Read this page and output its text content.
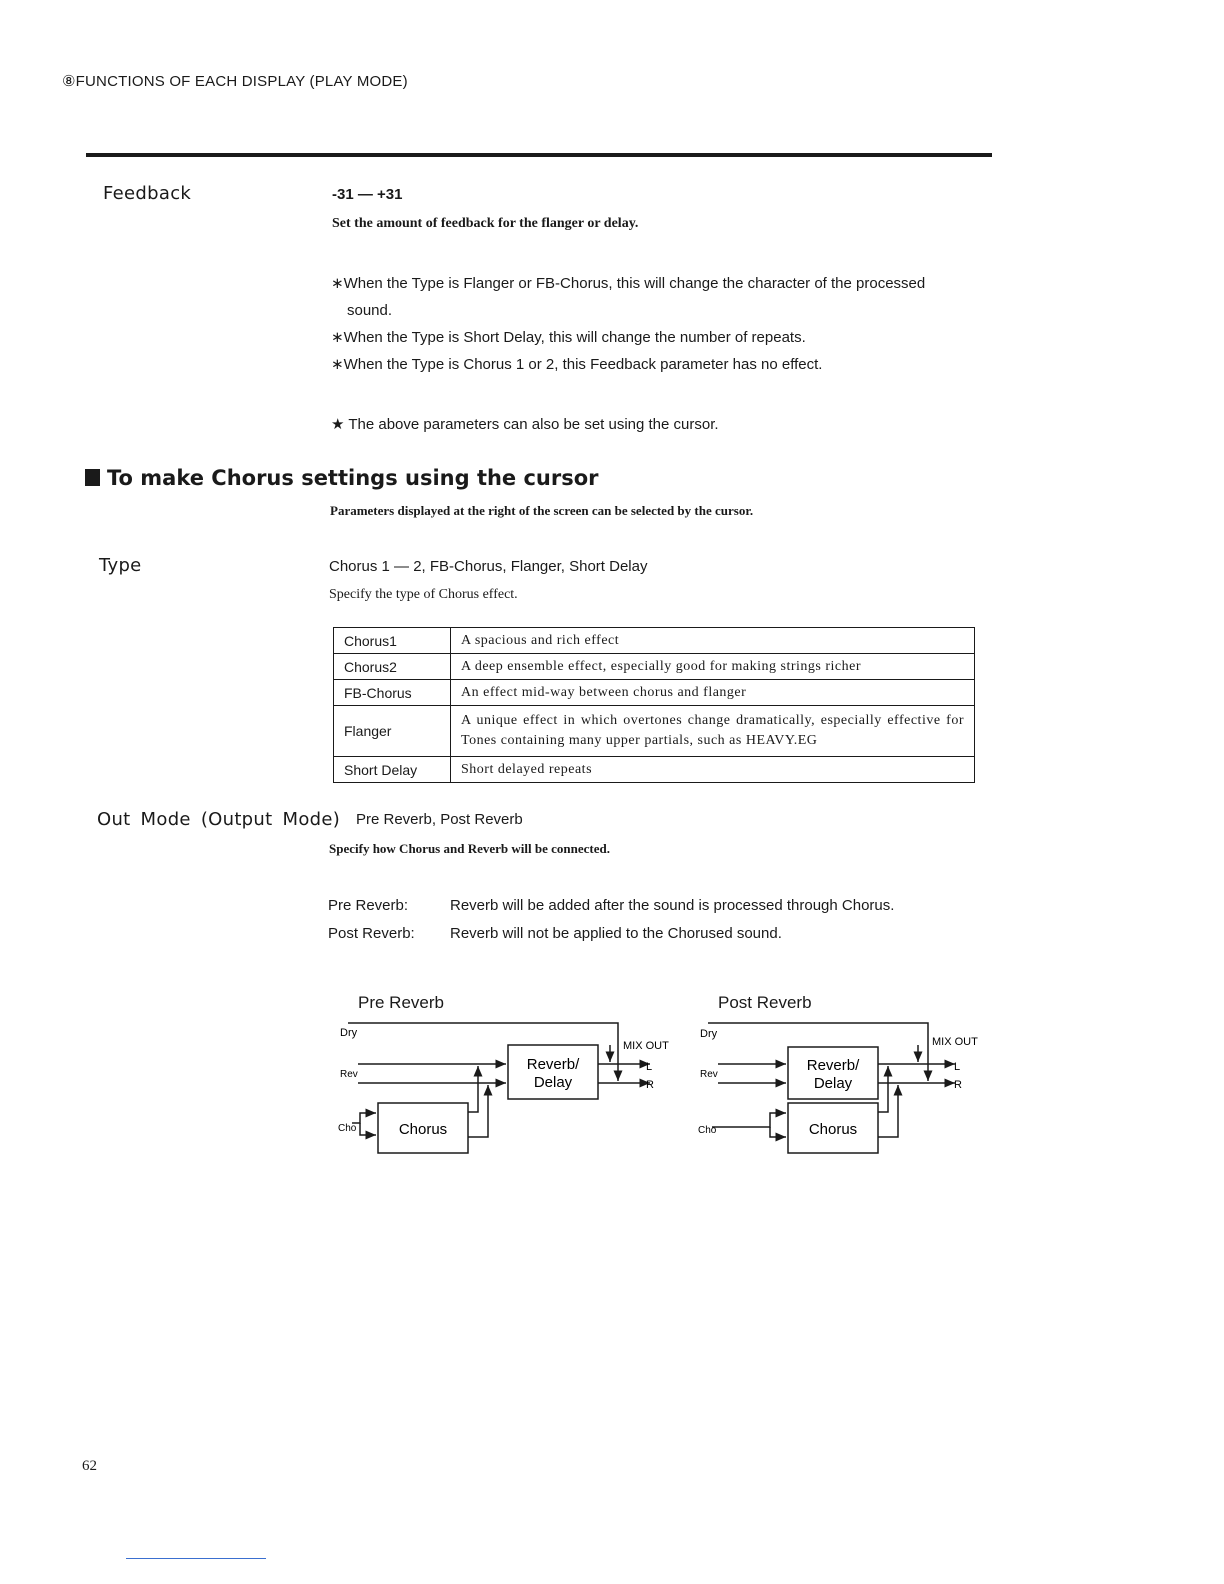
⑧FUNCTIONS OF EACH DISPLAY (PLAY MODE)
Feedback	-31 — +31
Set the amount of feedback for the flanger or delay.
∗When the Type is Flanger or FB-Chorus, this will change the character of the processed
sound.
∗When the Type is Short Delay, this will change the number of repeats.
∗When the Type is Chorus 1 or 2, this Feedback parameter has no effect.
★ The above parameters can also be set using the cursor.
To make Chorus settings using the cursor
Parameters displayed at the right of the screen can be selected by the cursor.
Type	Chorus 1 — 2, FB-Chorus, Flanger, Short Delay
Specify the type of Chorus effect.
Chorus1	A spacious and rich effect
Chorus2	A deep ensemble effect, especially good for making strings richer
FB-Chorus	An effect mid-way between chorus and flanger
Flanger	A unique effect in which overtones change dramatically, especially effective for Tones containing many upper partials, such as HEAVY.EG
Short Delay	Short delayed repeats
Out Mode (Output Mode) Pre Reverb, Post Reverb
Specify how Chorus and Reverb will be connected.
Pre Reverb:	Reverb will be added after the sound is processed through Chorus.
Post Reverb: Reverb will not be applied to the Chorused sound.
Pre Reverb	Post Reverb
Dry
Rev
Cho
Reverb/
Delay
Chorus
MIX OUT
L
R
Dry
Rev
Cho
Reverb/
Delay
Chorus
MIX OUT
L
R
62
